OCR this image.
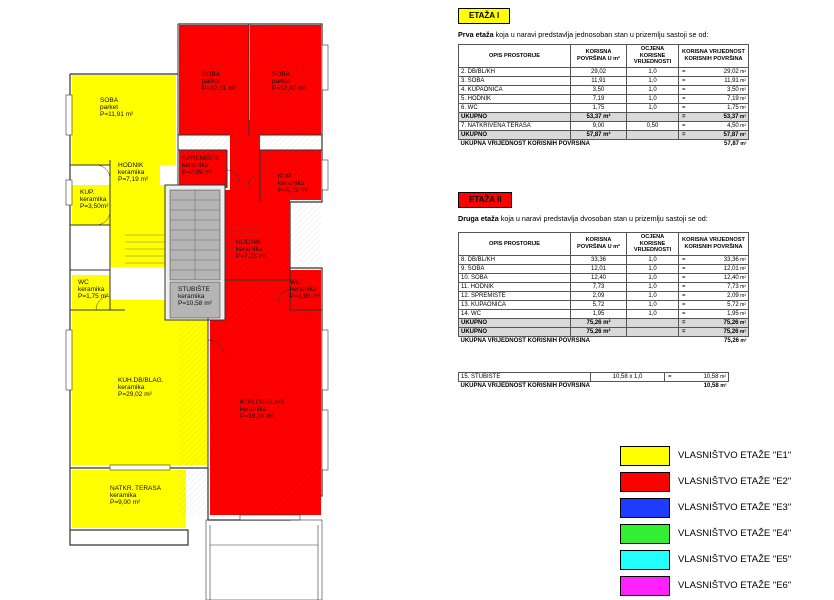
SOBA parket P=11,91 m²
HODNIK keramika P=7,19 m²
KUP. keramika P=3,50m²
WC keramika P=1,75 m²
KUH.DB/BLAG. keramika P=29,02 m²
NATKR. TERASA keramika P=9,00 m²
SOBA parket P=12,01 m²
SOBA parket P=12,40 m²
SPREMIŠTE keramika P=2,09 m²
KUP. keramika P=5,72 m²
HODNIK keramika P=7,73 m²
WC keramika P=1,95 m²
KUH.DB/BLAG. keramika P=33,36 m²
STUBIŠTE keramika P=10,58 m²
ETAŽA I
Prva etaža koja u naravi predstavlja jednosoban stan u prizemlju sastoji se od:
OPIS PROSTORIJE	KORISNA POVRŠINA U m²	OCJENA KORISNE VRIJEDNOSTI	KORISNA VRIJEDNOST KORISNIH POVRŠINA	
2. DB/BL/KH	29,02	1,0	=	29,02 m²
3. SOBA	11,91	1,0	=	11,91 m²
4. KUPAONICA	3,50	1,0	=	3,50 m²
5. HODNIK	7,19	1,0	=	7,19 m²
6. WC	1,75	1,0	=	1,75 m²
UKUPNO	53,37 m²		=	53,37 m²
7. NATKRIVENA TERASA	9,00	0,50	=	4,50 m²
UKUPNO	57,87 m²		=	57,87 m²
UKUPNA VRIJEDNOST KORISNIH POVRŠINA				57,87 m²
ETAŽA II
Druga etaža koja u naravi predstavlja dvosoban stan u prizemlju sastoji se od:
OPIS PROSTORIJE	KORISNA POVRŠINA U m²	OCJENA KORISNE VRIJEDNOSTI	KORISNA VRIJEDNOST KORISNIH POVRŠINA	
8. DB/BL/KH	33,36	1,0	=	33,36 m²
9. SOBA	12,01	1,0	=	12,01 m²
10. SOBA	12,40	1,0	=	12,40 m²
11. HODNIK	7,73	1,0	=	7,73 m²
12. SPREMIŠTE	2,09	1,0	=	2,09 m²
13. KUPAONICA	5,72	1,0	=	5,72 m²
14. WC	1,95	1,0	=	1,95 m²
UKUPNO	75,26 m²		=	75,26 m²
UKUPNO	75,26 m²		=	75,26 m²
UKUPNA VRIJEDNOST KORISNIH POVRŠINA				75,26 m²
15. STUBIŠTE	10,58 x 1,0	=	10,58 m²
UKUPNA VRIJEDNOST KORISNIH POVRŠINA			10,58 m²
VLASNIŠTVO ETAŽE "E1"
VLASNIŠTVO ETAŽE "E2"
VLASNIŠTVO ETAŽE "E3"
VLASNIŠTVO ETAŽE "E4"
VLASNIŠTVO ETAŽE "E5"
VLASNIŠTVO ETAŽE "E6"
